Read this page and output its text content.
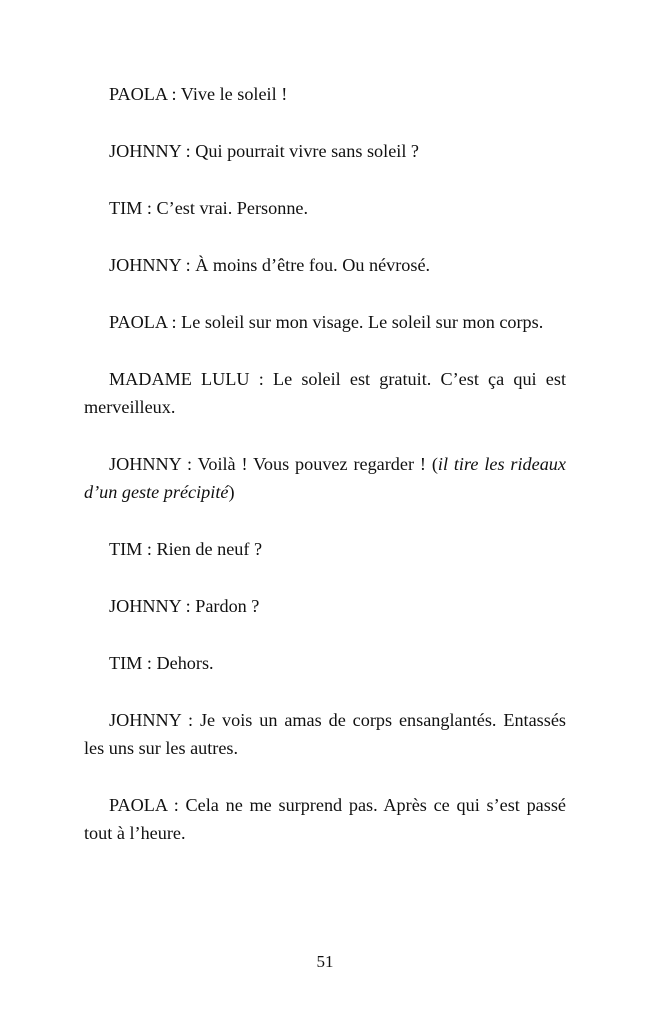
PAOLA : Vive le soleil !

JOHNNY : Qui pourrait vivre sans soleil ?

TIM : C’est vrai. Personne.

JOHNNY : À moins d’être fou. Ou névrosé.

PAOLA : Le soleil sur mon visage. Le soleil sur mon corps.

MADAME LULU : Le soleil est gratuit. C’est ça qui est merveilleux.

JOHNNY : Voilà ! Vous pouvez regarder ! (il tire les rideaux d’un geste précipité)

TIM : Rien de neuf ?

JOHNNY : Pardon ?

TIM : Dehors.

JOHNNY : Je vois un amas de corps ensanglantés. Entassés les uns sur les autres.

PAOLA : Cela ne me surprend pas. Après ce qui s’est passé tout à l’heure.

51
